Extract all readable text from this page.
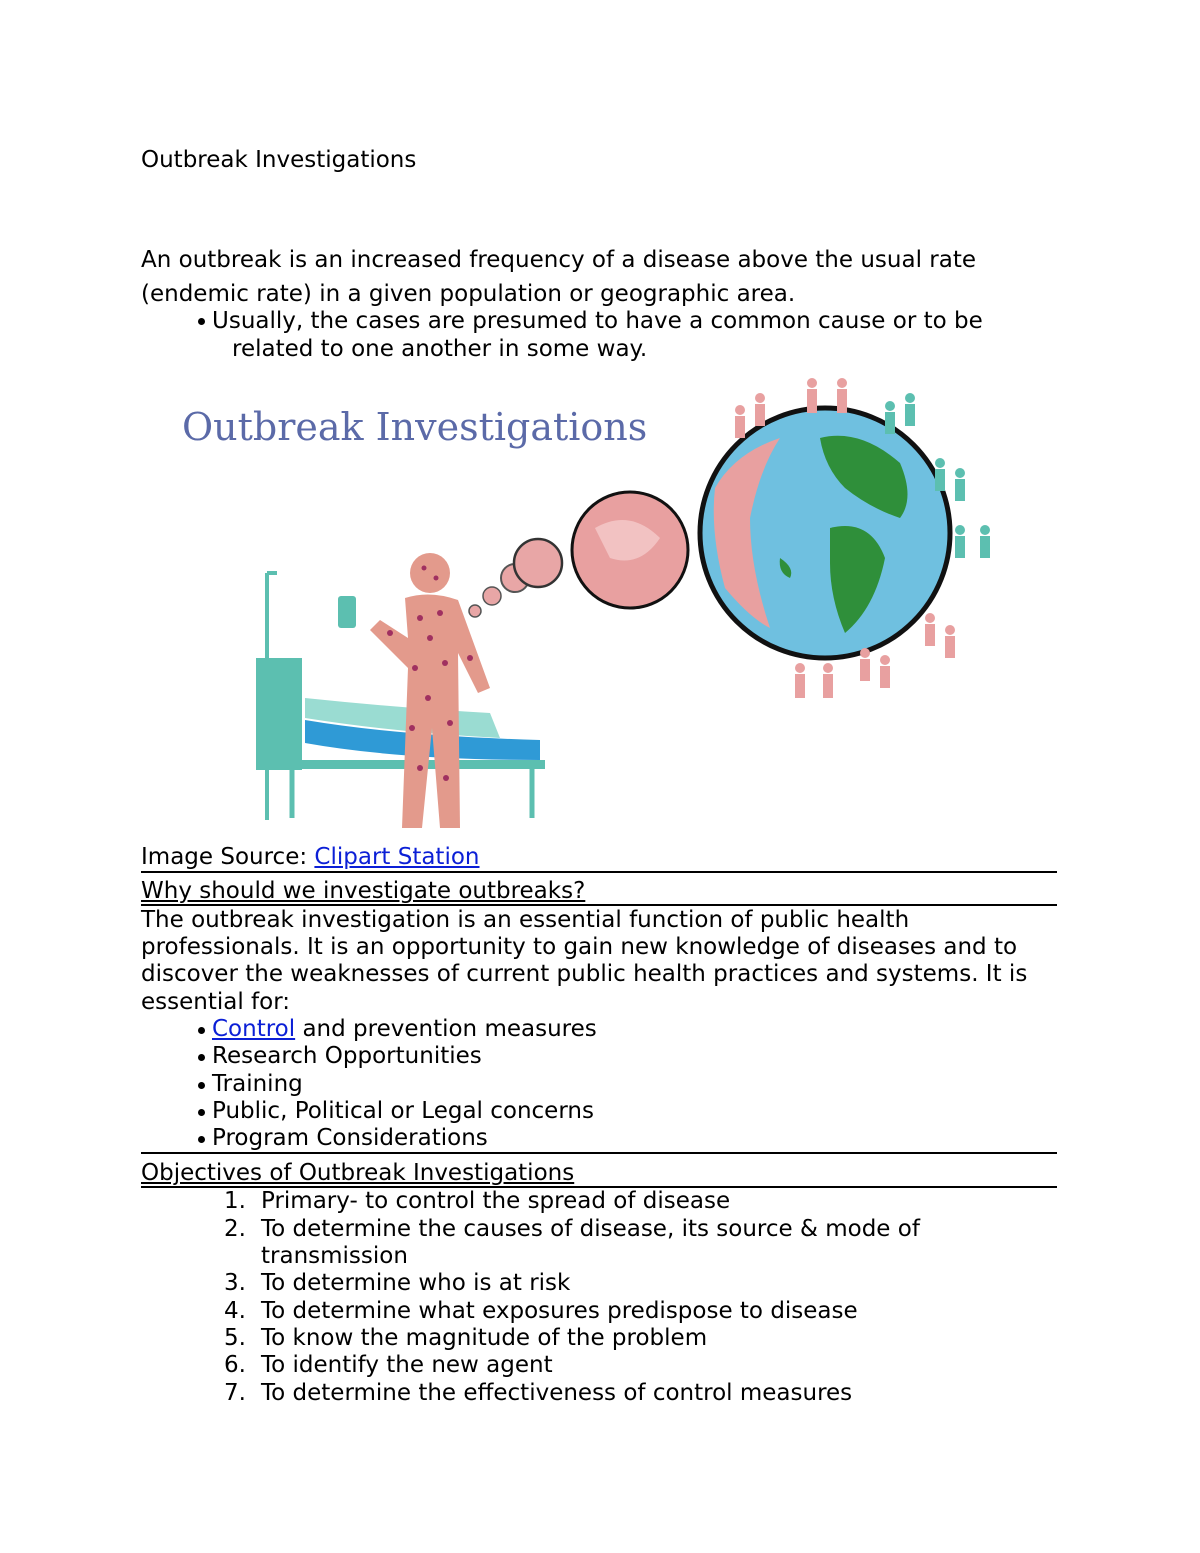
Outbreak Investigations
An outbreak is an increased frequency of a disease above the usual rate
(endemic rate) in a given population or geographic area.
Usually, the cases are presumed to have a common cause or to be
related to one another in some way.
Outbreak Investigations
Image Source: Clipart Station
Why should we investigate outbreaks?
The outbreak investigation is an essential function of public health
professionals. It is an opportunity to gain new knowledge of diseases and to
discover the weaknesses of current public health practices and systems. It is
essential for:
Control and prevention measures
Research Opportunities
Training
Public, Political or Legal concerns
Program Considerations
Objectives of Outbreak Investigations
1. Primary- to control the spread of disease
2. To determine the causes of disease, its source & mode of
transmission
3. To determine who is at risk
4. To determine what exposures predispose to disease
5. To know the magnitude of the problem
6. To identify the new agent
7. To determine the effectiveness of control measures
